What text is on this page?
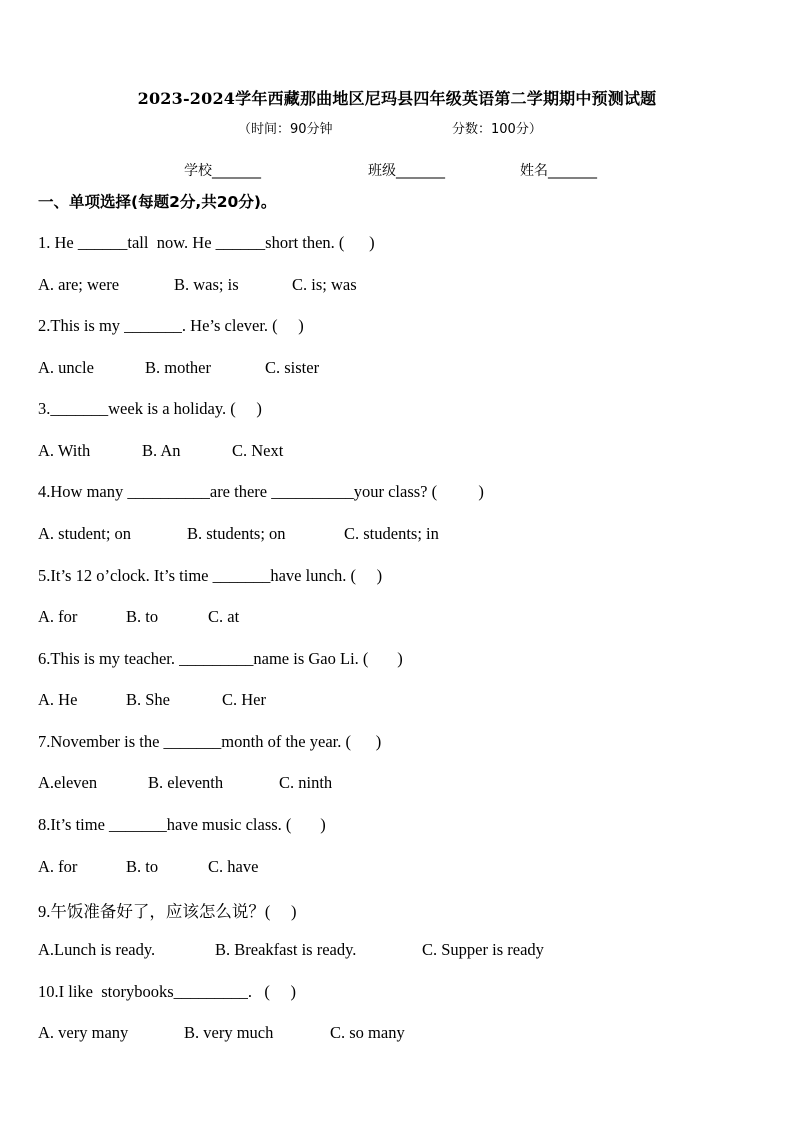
2023-2024学年西藏那曲地区尼玛县四年级英语第二学期期中预测试题
（时间：90分钟	分数：100分）
学校_______	班级_______	姓名_______
一、单项选择(每题2分,共20分)。
1. He ______tall  now. He ______short then. (      )
A. are; were	B. was; is	C. is; was
2.This is my _______. He’s clever. (     )
A. uncle	B. mother	C. sister
3._______week is a holiday. (     )
A. With	B. An	C. Next
4.How many __________are there __________your class? (          )
A. student; on	B. students; on	C. students; in
5.It’s 12 o’clock. It’s time _______have lunch. (     )
A. for	B. to	C. at
6.This is my teacher. _________name is Gao Li. (       )
A. He	B. She	C. Her
7.November is the _______month of the year. (      )
A.eleven	B. eleventh	C. ninth
8.It’s time _______have music class. (       )
A. for	B. to	C. have
9.午饭准备好了，应该怎么说？(     )
A.Lunch is ready.	B. Breakfast is ready.	C. Supper is ready
10.I like  storybooks_________.   (     )
A. very many	B. very much	C. so many
